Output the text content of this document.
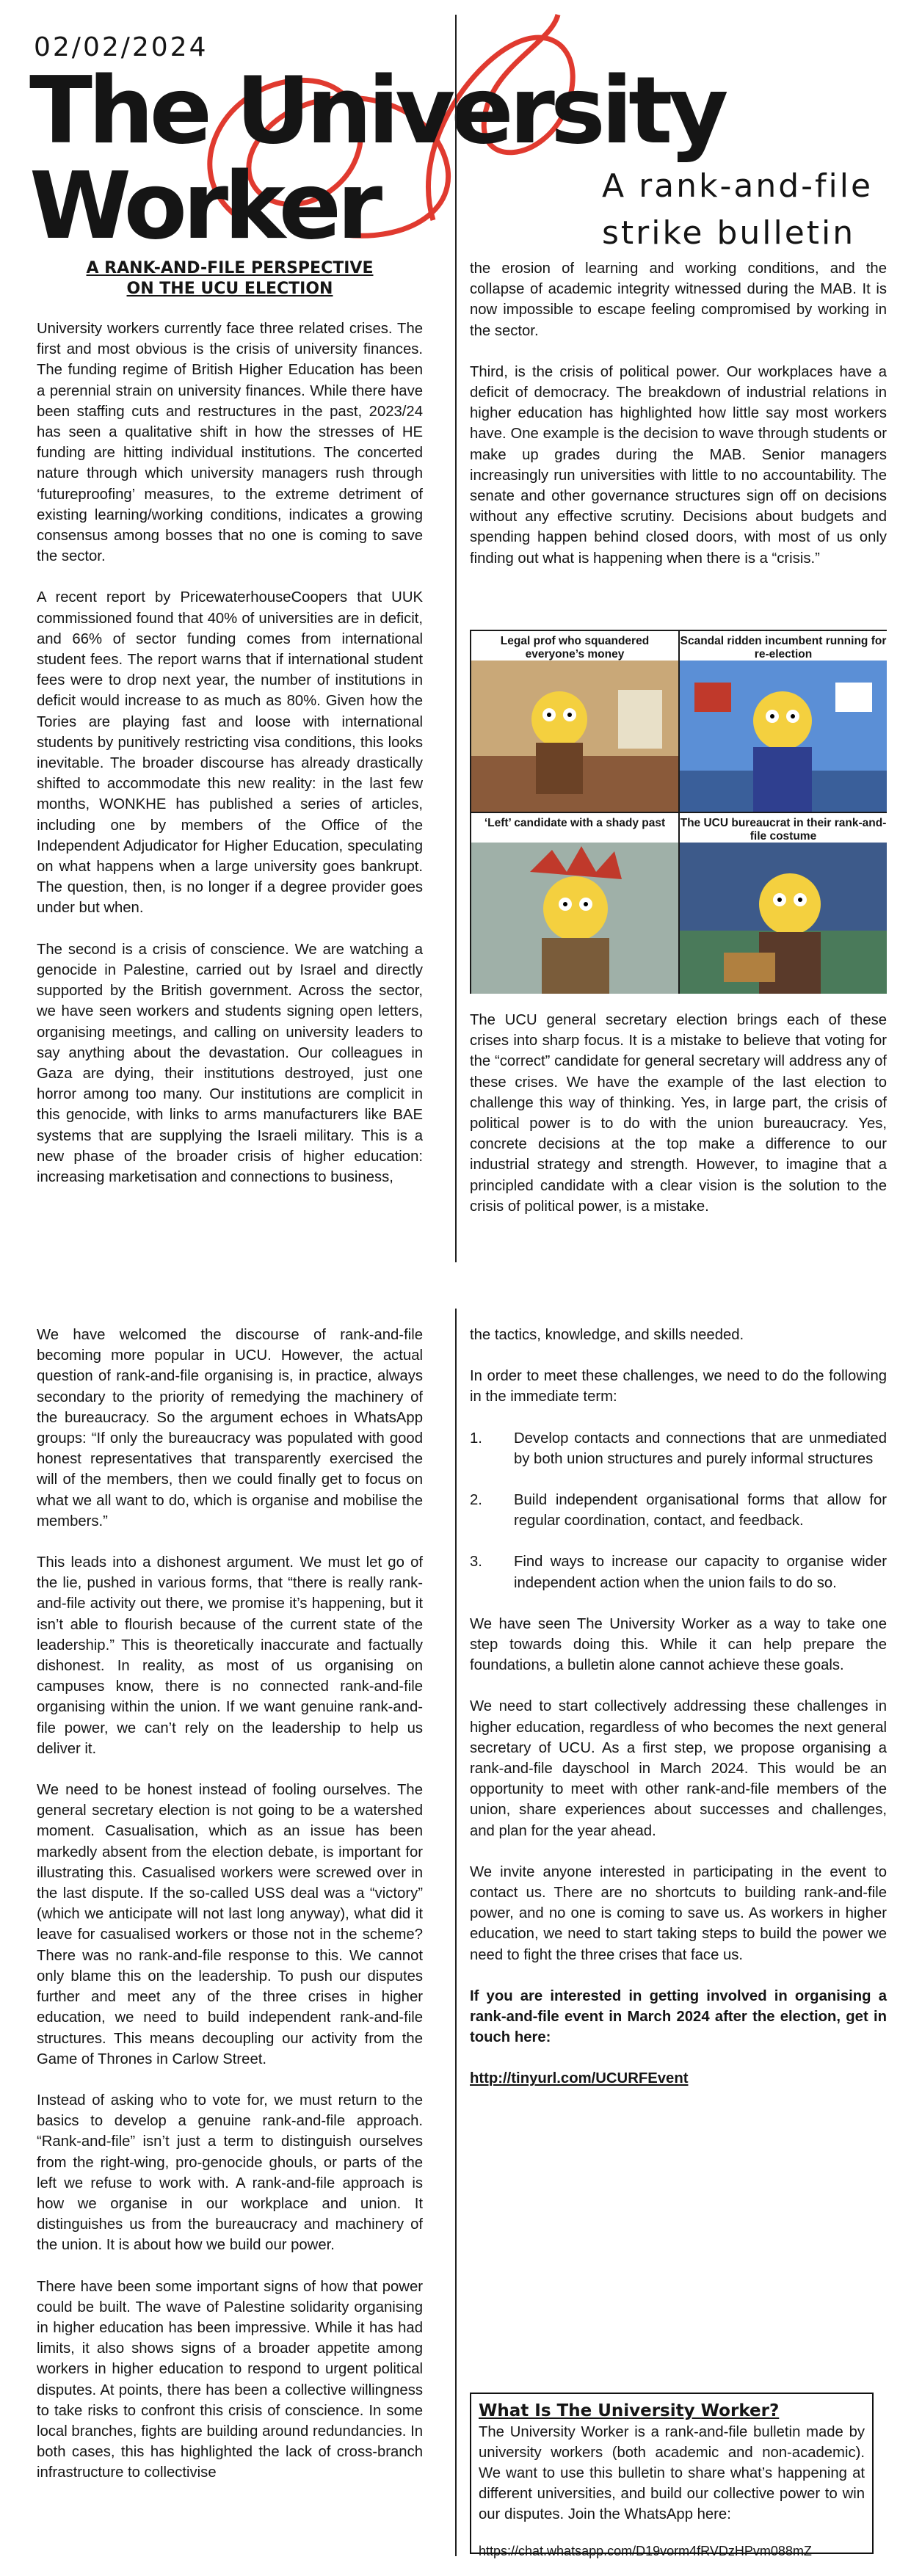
02/02/2024
The University
Worker	A rank-and-file
strike bulletin
A RANK-AND-FILE PERSPECTIVE
ON THE UCU ELECTION

University workers currently face three related crises. The first and most obvious is the crisis of university finances. The funding regime of British Higher Education has been a perennial strain on university finances. While there have been staffing cuts and restructures in the past, 2023/24 has seen a qualitative shift in how the stresses of HE funding are hitting individual institutions. The concerted nature through which university managers rush through ‘futureproofing’ measures, to the extreme detriment of existing learning/working conditions, indicates a growing consensus among bosses that no one is coming to save the sector.

A recent report by PricewaterhouseCoopers that UUK commissioned found that 40% of universities are in deficit, and 66% of sector funding comes from international student fees. The report warns that if international student fees were to drop next year, the number of institutions in deficit would increase to as much as 80%. Given how the Tories are playing fast and loose with international students by punitively restricting visa conditions, this looks inevitable. The broader discourse has already drastically shifted to accommodate this new reality: in the last few months, WONKHE has published a series of articles, including one by members of the Office of the Independent Adjudicator for Higher Education, speculating on what happens when a large university goes bankrupt. The question, then, is no longer if a degree provider goes under but when.

The second is a crisis of conscience. We are watching a genocide in Palestine, carried out by Israel and directly supported by the British government. Across the sector, we have seen workers and students signing open letters, organising meetings, and calling on university leaders to say anything about the devastation. Our colleagues in Gaza are dying, their institutions destroyed, just one horror among too many. Our institutions are complicit in this genocide, with links to arms manufacturers like BAE systems that are supplying the Israeli military. This is a new phase of the broader crisis of higher education: increasing marketisation and connections to business,

the erosion of learning and working conditions, and the collapse of academic integrity witnessed during the MAB. It is now impossible to escape feeling compromised by working in the sector.

Third, is the crisis of political power. Our workplaces have a deficit of democracy. The breakdown of industrial relations in higher education has highlighted how little say most workers have. One example is the decision to wave through students or make up grades during the MAB. Senior managers increasingly run universities with little to no accountability. The senate and other governance structures sign off on decisions without any effective scrutiny. Decisions about budgets and spending happen behind closed doors, with most of us only finding out what is happening when there is a “crisis.”

Legal prof who squandered everyone’s money
Scandal ridden incumbent running for re-election
‘Left’ candidate with a shady past	The UCU bureaucrat in their rank-and-file costume

The UCU general secretary election brings each of these crises into sharp focus. It is a mistake to believe that voting for the “correct” candidate for general secretary will address any of these crises. We have the example of the last election to challenge this way of thinking. Yes, in large part, the crisis of political power is to do with the union bureaucracy. Yes, concrete decisions at the top make a difference to our industrial strategy and strength. However, to imagine that a principled candidate with a clear vision is the solution to the crisis of political power, is a mistake.

We have welcomed the discourse of rank-and-file becoming more popular in UCU. However, the actual question of rank-and-file organising is, in practice, always secondary to the priority of remedying the machinery of the bureaucracy. So the argument echoes in WhatsApp groups: “If only the bureaucracy was populated with good honest representatives that transparently exercised the will of the members, then we could finally get to focus on what we all want to do, which is organise and mobilise the members.”

This leads into a dishonest argument. We must let go of the lie, pushed in various forms, that “there is really rank-and-file activity out there, we promise it’s happening, but it isn’t able to flourish because of the current state of the leadership.” This is theoretically inaccurate and factually dishonest. In reality, as most of us organising on campuses know, there is no connected rank-and-file organising within the union. If we want genuine rank-and-file power, we can’t rely on the leadership to help us deliver it.

We need to be honest instead of fooling ourselves. The general secretary election is not going to be a watershed moment. Casualisation, which as an issue has been markedly absent from the election debate, is important for illustrating this. Casualised workers were screwed over in the last dispute. If the so-called USS deal was a “victory” (which we anticipate will not last long anyway), what did it leave for casualised workers or those not in the scheme? There was no rank-and-file response to this. We cannot only blame this on the leadership. To push our disputes further and meet any of the three crises in higher education, we need to build independent rank-and-file structures. This means decoupling our activity from the Game of Thrones in Carlow Street.

Instead of asking who to vote for, we must return to the basics to develop a genuine rank-and-file approach. “Rank-and-file” isn’t just a term to distinguish ourselves from the right-wing, pro-genocide ghouls, or parts of the left we refuse to work with. A rank-and-file approach is how we organise in our workplace and union. It distinguishes us from the bureaucracy and machinery of the union. It is about how we build our power.

There have been some important signs of how that power could be built. The wave of Palestine solidarity organising in higher education has been impressive. While it has had limits, it also shows signs of a broader appetite among workers in higher education to respond to urgent political disputes. At points, there has been a collective willingness to take risks to confront this crisis of conscience. In some local branches, fights are building around redundancies. In both cases, this has highlighted the lack of cross-branch infrastructure to collectivise

the tactics, knowledge, and skills needed.

In order to meet these challenges, we need to do the following in the immediate term:

1. Develop contacts and connections that are unmediated by both union structures and purely informal structures
2. Build independent organisational forms that allow for regular coordination, contact, and feedback.
3. Find ways to increase our capacity to organise wider independent action when the union fails to do so.

We have seen The University Worker as a way to take one step towards doing this. While it can help prepare the foundations, a bulletin alone cannot achieve these goals.

We need to start collectively addressing these challenges in higher education, regardless of who becomes the next general secretary of UCU. As a first step, we propose organising a rank-and-file dayschool in March 2024. This would be an opportunity to meet with other rank-and-file members of the union, share experiences about successes and challenges, and plan for the year ahead.

We invite anyone interested in participating in the event to contact us. There are no shortcuts to building rank-and-file power, and no one is coming to save us. As workers in higher education, we need to start taking steps to build the power we need to fight the three crises that face us.

If you are interested in getting involved in organising a rank-and-file event in March 2024 after the election, get in touch here:

http://tinyurl.com/UCURFEvent

What Is The University Worker?
The University Worker is a rank-and-file bulletin made by university workers (both academic and non-academic). We want to use this bulletin to share what’s happening at different universities, and build our collective power to win our disputes. Join the WhatsApp here:
https://chat.whatsapp.com/D19vorm4fRVDzHPvm088mZ
